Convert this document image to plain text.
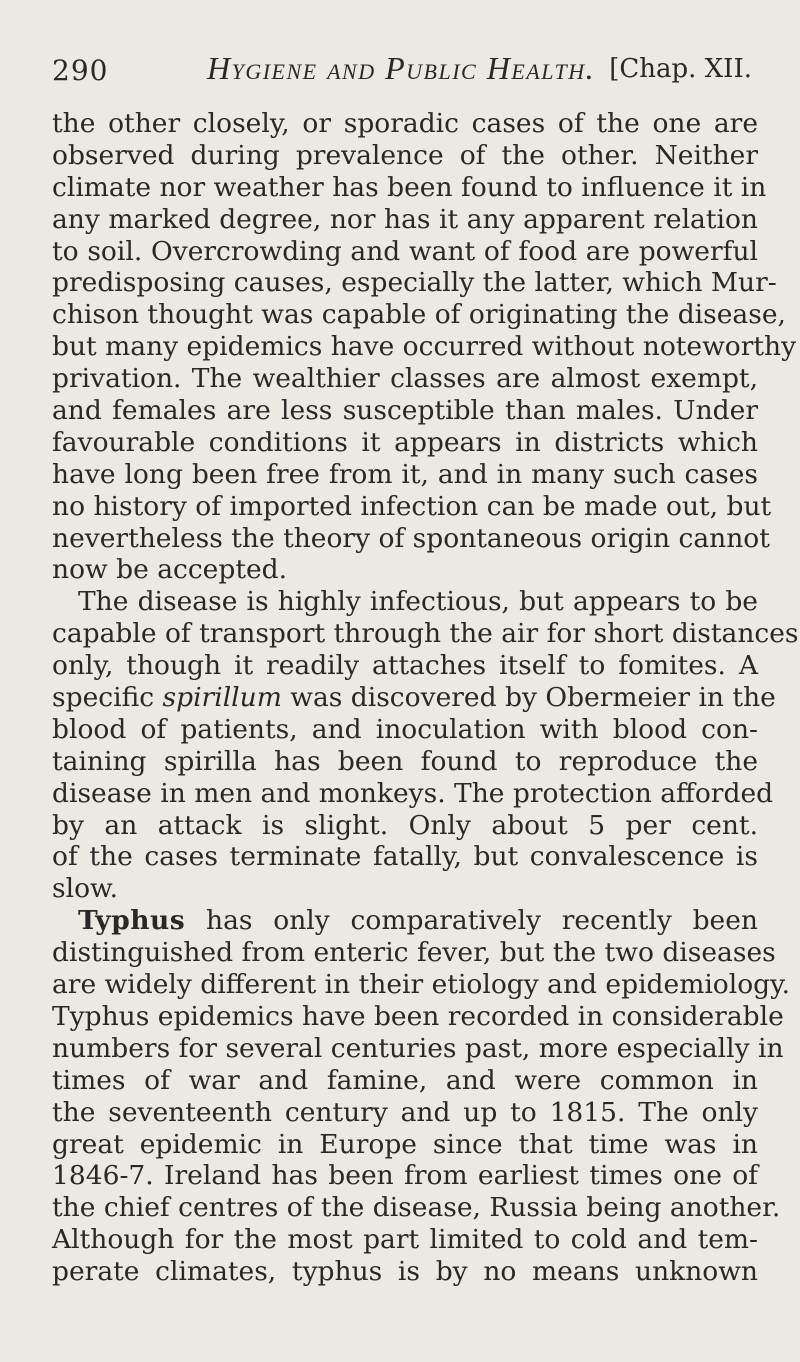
290	Hygiene and Public Health. [Chap. XII.
the other closely, or sporadic cases of the one are
observed during prevalence of the other. Neither
climate nor weather has been found to influence it in
any marked degree, nor has it any apparent relation
to soil. Overcrowding and want of food are powerful
predisposing causes, especially the latter, which Mur-
chison thought was capable of originating the disease,
but many epidemics have occurred without noteworthy
privation. The wealthier classes are almost exempt,
and females are less susceptible than males. Under
favourable conditions it appears in districts which
have long been free from it, and in many such cases
no history of imported infection can be made out, but
nevertheless the theory of spontaneous origin cannot
now be accepted.
The disease is highly infectious, but appears to be
capable of transport through the air for short distances
only, though it readily attaches itself to fomites. A
specific spirillum was discovered by Obermeier in the
blood of patients, and inoculation with blood con-
taining spirilla has been found to reproduce the
disease in men and monkeys. The protection afforded
by an attack is slight. Only about 5 per cent.
of the cases terminate fatally, but convalescence is
slow.
Typhus has only comparatively recently been
distinguished from enteric fever, but the two diseases
are widely different in their etiology and epidemiology.
Typhus epidemics have been recorded in considerable
numbers for several centuries past, more especially in
times of war and famine, and were common in
the seventeenth century and up to 1815. The only
great epidemic in Europe since that time was in
1846-7. Ireland has been from earliest times one of
the chief centres of the disease, Russia being another.
Although for the most part limited to cold and tem-
perate climates, typhus is by no means unknown
